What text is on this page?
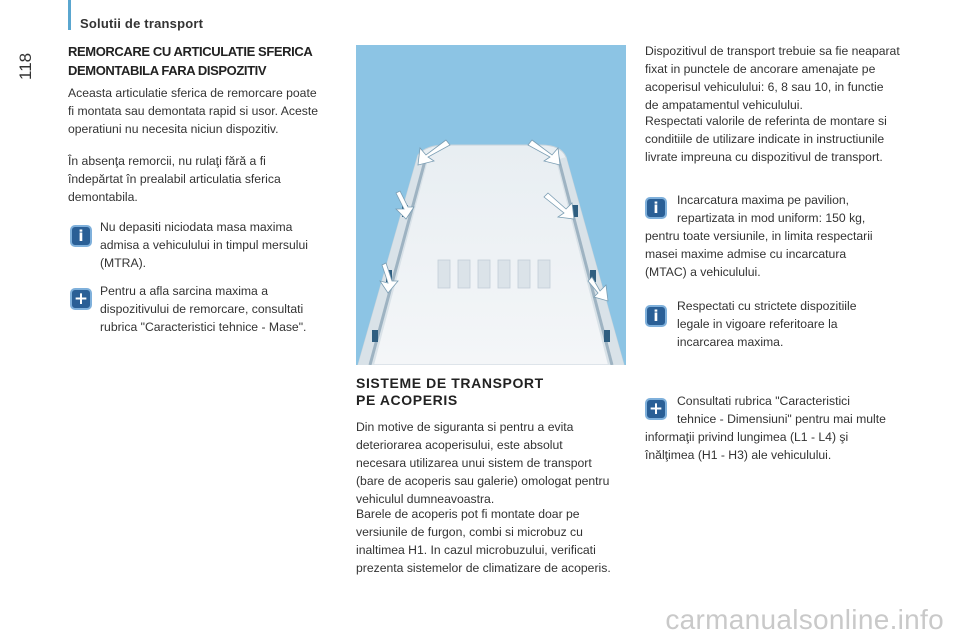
Solutii de transport
118
REMORCARE CU ARTICULATIE SFERICA
DEMONTABILA FARA DISPOZITIV

Aceasta articulatie sferica de remorcare poate

fi montata sau demontata rapid si usor. Aceste

operatiuni nu necesita niciun dispozitiv.

În absenţa remorcii, nu rulaţi fără a fi

îndepărtat în prealabil articulatia sferica

demontabila.

i	Nu depasiti niciodata masa maxima

admisa a vehiculului in timpul mersului

(MTRA).

+ Pentru a afla sarcina maxima a

dispozitivului de remorcare, consultati

rubrica "Caracteristici tehnice - Mase".

SISTEME DE TRANSPORT
PE ACOPERIS

Din motive de siguranta si pentru a evita

deteriorarea acoperisului, este absolut

necesara utilizarea unui sistem de transport

(bare de acoperis sau galerie) omologat pentru

vehiculul dumneavoastra.

Barele de acoperis pot fi montate doar pe

versiunile de furgon, combi si microbuz cu

inaltimea H1. In cazul microbuzului, verificati

prezenta sistemelor de climatizare de acoperis.

Dispozitivul de transport trebuie sa fie neaparat

fixat in punctele de ancorare amenajate pe

acoperisul vehiculului: 6, 8 sau 10, in functie

de ampatamentul vehiculului.

Respectati valorile de referinta de montare si

conditiile de utilizare indicate in instructiunile

livrate impreuna cu dispozitivul de transport.

i	Incarcatura maxima pe pavilion,

repartizata in mod uniform: 150 kg,

pentru toate versiunile, in limita respectarii

masei maxime admise cu incarcatura

(MTAC) a vehiculului.

i

Respectati cu strictete dispozitiile

legale in vigoare referitoare la

incarcarea maxima.

+	Consultati rubrica "Caracteristici

tehnice - Dimensiuni" pentru mai multe

informaţii privind lungimea (L1 - L4) şi

înălţimea (H1 - H3) ale vehiculului.

carmanualsonline.info
